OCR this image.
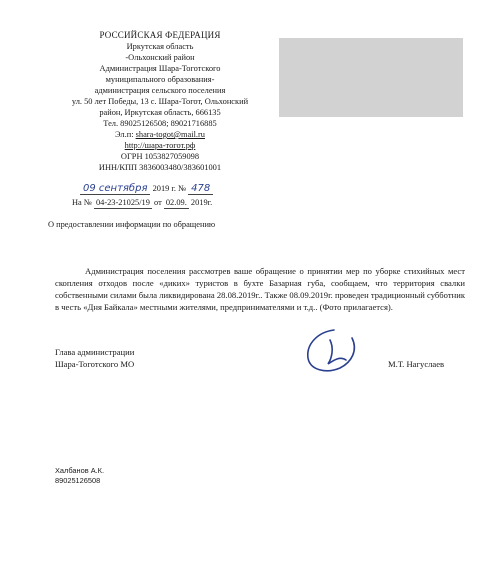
РОССИЙСКАЯ ФЕДЕРАЦИЯ
Иркутская область
-Ольхонский район
Администрация Шара-Тоготского
муниципального образования-
администрация сельского поселения
ул. 50 лет Победы, 13 с. Шара-Тогот, Ольхонский
район, Иркутская область, 666135
Тел. 89025126508; 89021716885
Эл.п: shara-togot@mail.ru
http://шара-тогот.рф
ОГРН 1053827059098
ИНН/КПП 3836003480/383601001
09 сентября 2019 г. № 478
На № 04-23-21025/19 от 02.09. 2019г.
О предоставлении информации по обращению
Администрация поселения рассмотрев ваше обращение о принятии мер по уборке стихийных мест скопления отходов после «диких» туристов в бухте Базарная губа, сообщаем, что территория свалки собственными силами была ликвидирована 28.08.2019г.. Также 08.09.2019г. проведен традиционный субботник в честь «Дня Байкала» местными жителями, предпринимателями и т.д.. (Фото прилагается).
Глава администрации
Шара-Тоготского МО	М.Т. Нагуслаев
Халбанов А.К.
89025126508
